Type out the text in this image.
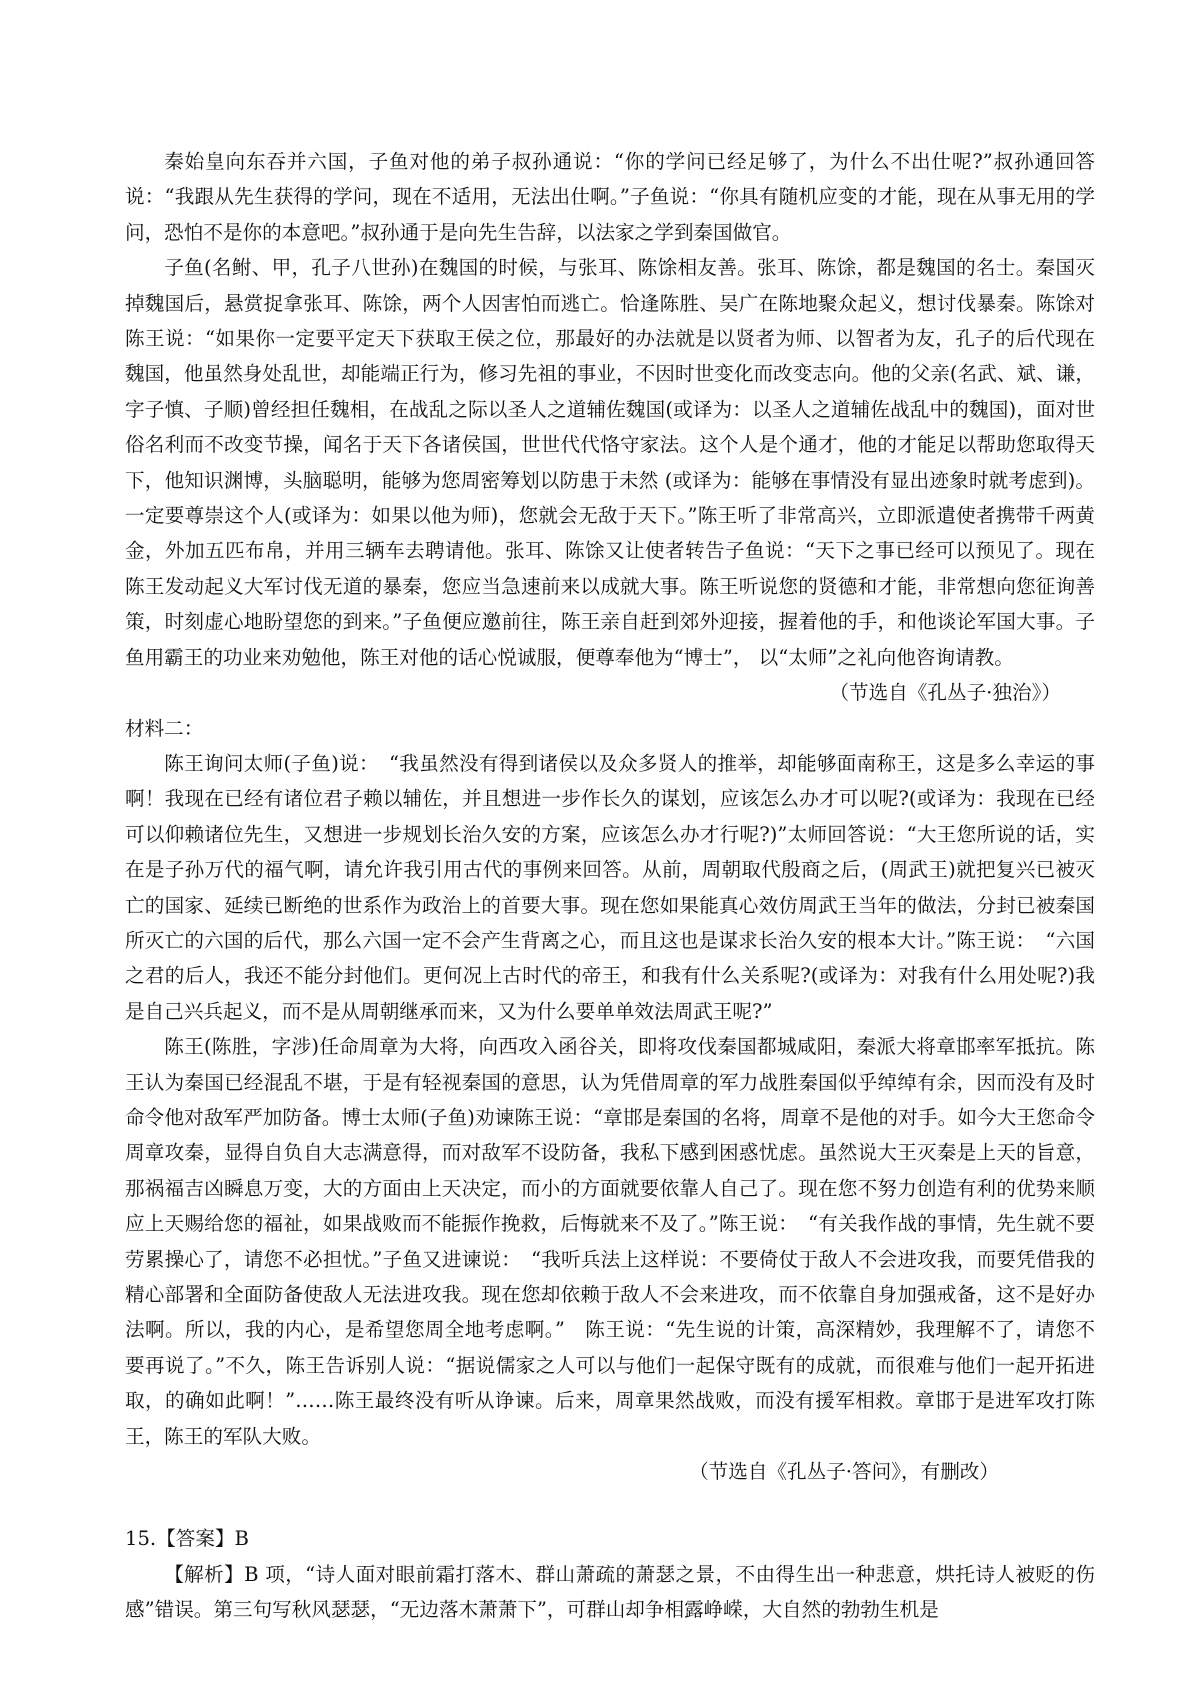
秦始皇向东吞并六国，子鱼对他的弟子叔孙通说：“你的学问已经足够了，为什么不出仕呢?”叔孙通回答说：“我跟从先生获得的学问，现在不适用，无法出仕啊。”子鱼说：“你具有随机应变的才能，现在从事无用的学问，恐怕不是你的本意吧。”叔孙通于是向先生告辞，以法家之学到秦国做官。

子鱼(名鲋、甲，孔子八世孙)在魏国的时候，与张耳、陈馀相友善。张耳、陈馀，都是魏国的名士。秦国灭掉魏国后，悬赏捉拿张耳、陈馀，两个人因害怕而逃亡。恰逢陈胜、吴广在陈地聚众起义，想讨伐暴秦。陈馀对陈王说：“如果你一定要平定天下获取王侯之位，那最好的办法就是以贤者为师、以智者为友，孔子的后代现在魏国，他虽然身处乱世，却能端正行为，修习先祖的事业，不因时世变化而改变志向。他的父亲(名武、斌、谦，字子慎、子顺)曾经担任魏相，在战乱之际以圣人之道辅佐魏国(或译为：以圣人之道辅佐战乱中的魏国)，面对世俗名利而不改变节操，闻名于天下各诸侯国，世世代代恪守家法。这个人是个通才，他的才能足以帮助您取得天下，他知识渊博，头脑聪明，能够为您周密筹划以防患于未然 (或译为：能够在事情没有显出迹象时就考虑到)。一定要尊崇这个人(或译为：如果以他为师)，您就会无敌于天下。”陈王听了非常高兴，立即派遣使者携带千两黄金，外加五匹布帛，并用三辆车去聘请他。张耳、陈馀又让使者转告子鱼说：“天下之事已经可以预见了。现在陈王发动起义大军讨伐无道的暴秦，您应当急速前来以成就大事。陈王听说您的贤德和才能，非常想向您征询善策，时刻虚心地盼望您的到来。”子鱼便应邀前往，陈王亲自赶到郊外迎接，握着他的手，和他谈论军国大事。子鱼用霸王的功业来劝勉他，陈王对他的话心悦诚服，便尊奉他为“博士”， 以“太师”之礼向他咨询请教。

（节选自《孔丛子·独治》）

材料二：

陈王询问太师(子鱼)说：　“我虽然没有得到诸侯以及众多贤人的推举，却能够面南称王，这是多么幸运的事啊！我现在已经有诸位君子赖以辅佐，并且想进一步作长久的谋划，应该怎么办才可以呢?(或译为：我现在已经可以仰赖诸位先生，又想进一步规划长治久安的方案，应该怎么办才行呢?)”太师回答说：“大王您所说的话，实在是子孙万代的福气啊，请允许我引用古代的事例来回答。从前，周朝取代殷商之后，(周武王)就把复兴已被灭亡的国家、延续已断绝的世系作为政治上的首要大事。现在您如果能真心效仿周武王当年的做法，分封已被秦国所灭亡的六国的后代，那么六国一定不会产生背离之心，而且这也是谋求长治久安的根本大计。”陈王说：　“六国之君的后人，我还不能分封他们。更何况上古时代的帝王，和我有什么关系呢?(或译为：对我有什么用处呢?)我是自己兴兵起义，而不是从周朝继承而来，又为什么要单单效法周武王呢?”

陈王(陈胜，字涉)任命周章为大将，向西攻入函谷关，即将攻伐秦国都城咸阳，秦派大将章邯率军抵抗。陈王认为秦国已经混乱不堪，于是有轻视秦国的意思，认为凭借周章的军力战胜秦国似乎绰绰有余，因而没有及时命令他对敌军严加防备。博士太师(子鱼)劝谏陈王说：“章邯是秦国的名将，周章不是他的对手。如今大王您命令周章攻秦，显得自负自大志满意得，而对敌军不设防备，我私下感到困惑忧虑。虽然说大王灭秦是上天的旨意，那祸福吉凶瞬息万变，大的方面由上天决定，而小的方面就要依靠人自己了。现在您不努力创造有利的优势来顺应上天赐给您的福祉，如果战败而不能振作挽救，后悔就来不及了。”陈王说：　“有关我作战的事情，先生就不要劳累操心了，请您不必担忧。”子鱼又进谏说：　“我听兵法上这样说：不要倚仗于敌人不会进攻我，而要凭借我的精心部署和全面防备使敌人无法进攻我。现在您却依赖于敌人不会来进攻，而不依靠自身加强戒备，这不是好办法啊。所以，我的内心，是希望您周全地考虑啊。”　陈王说：“先生说的计策，高深精妙，我理解不了，请您不要再说了。”不久，陈王告诉别人说：“据说儒家之人可以与他们一起保守既有的成就，而很难与他们一起开拓进取，的确如此啊！”……陈王最终没有听从诤谏。后来，周章果然战败，而没有援军相救。章邯于是进军攻打陈王，陈王的军队大败。

（节选自《孔丛子·答问》，有删改）

15.【答案】B

【解析】B 项，“诗人面对眼前霜打落木、群山萧疏的萧瑟之景，不由得生出一种悲意，烘托诗人被贬的伤感”错误。第三句写秋风瑟瑟，“无边落木萧萧下”，可群山却争相露峥嵘，大自然的勃勃生机是
